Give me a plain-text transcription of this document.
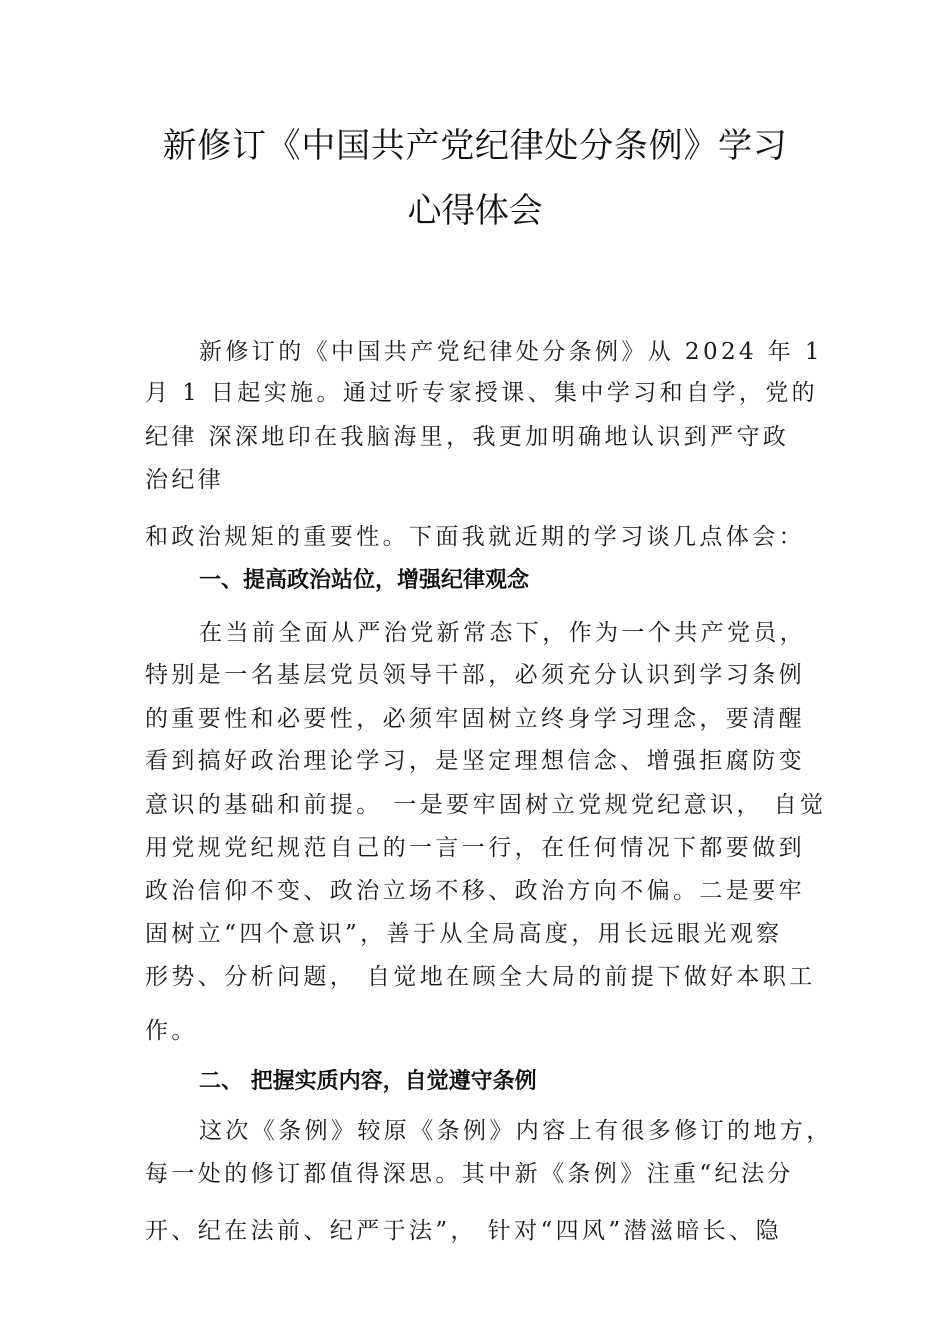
新修订《中国共产党纪律处分条例》学习
心得体会
新修订的《中国共产党纪律处分条例》从 2024 年 1
月 1 日起实施。通过听专家授课、集中学习和自学，党的
纪律 深深地印在我脑海里，我更加明确地认识到严守政
治纪律
和政治规矩的重要性。下面我就近期的学习谈几点体会：
一、提高政治站位，增强纪律观念
在当前全面从严治党新常态下，作为一个共产党员，
特别是一名基层党员领导干部，必须充分认识到学习条例
的重要性和必要性，必须牢固树立终身学习理念，要清醒
看到搞好政治理论学习，是坚定理想信念、增强拒腐防变
意识的基础和前提。 一是要牢固树立党规党纪意识， 自觉
用党规党纪规范自己的一言一行，在任何情况下都要做到
政治信仰不变、政治立场不移、政治方向不偏。二是要牢
固树立“四个意识”，善于从全局高度，用长远眼光观察
形势、分析问题， 自觉地在顾全大局的前提下做好本职工
作。
二、 把握实质内容，自觉遵守条例
这次《条例》较原《条例》内容上有很多修订的地方，
每一处的修订都值得深思。其中新《条例》注重“纪法分
开、纪在法前、纪严于法”， 针对“四风”潜滋暗长、隐
